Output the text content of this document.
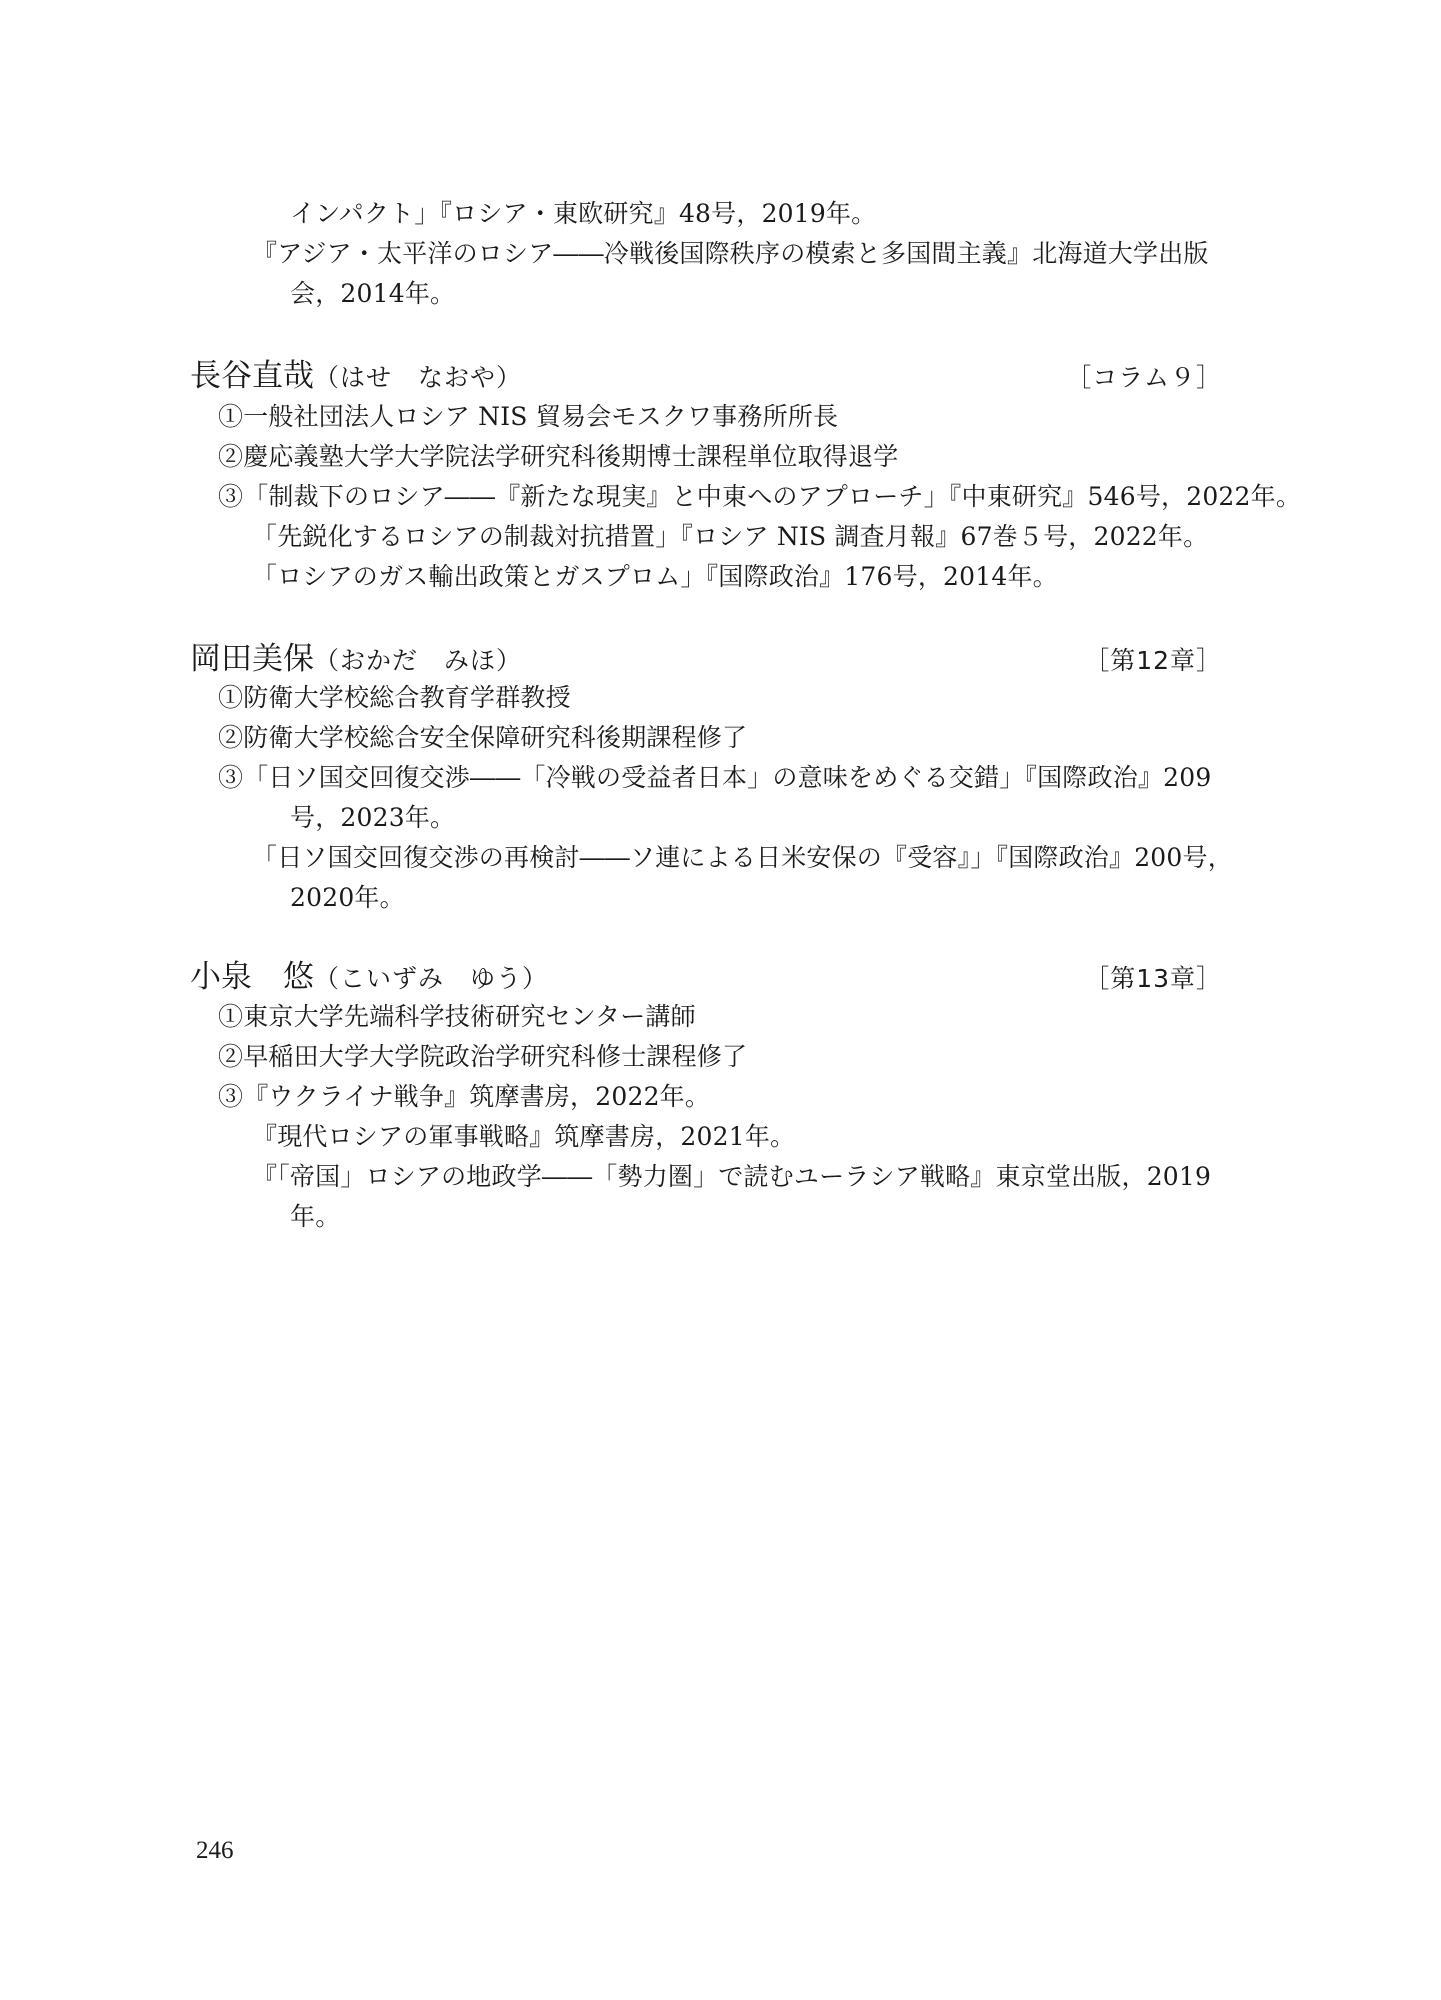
インパクト」『ロシア・東欧研究』48号，2019年。
『アジア・太平洋のロシア――冷戦後国際秩序の模索と多国間主義』北海道大学出版
会，2014年。
長谷直哉（はせ　なおや）	［コラム９］
①一般社団法人ロシア NIS 貿易会モスクワ事務所所長
②慶応義塾大学大学院法学研究科後期博士課程単位取得退学
③「制裁下のロシア――『新たな現実』と中東へのアプローチ」『中東研究』546号，2022年。
「先鋭化するロシアの制裁対抗措置」『ロシア NIS 調査月報』67巻５号，2022年。
「ロシアのガス輸出政策とガスプロム」『国際政治』176号，2014年。
岡田美保（おかだ　みほ）	［第12章］
①防衛大学校総合教育学群教授
②防衛大学校総合安全保障研究科後期課程修了
③「日ソ国交回復交渉――「冷戦の受益者日本」の意味をめぐる交錯」『国際政治』209
号，2023年。
「日ソ国交回復交渉の再検討――ソ連による日米安保の『受容』」『国際政治』200号，
2020年。
小泉　悠（こいずみ　ゆう）	［第13章］
①東京大学先端科学技術研究センター講師
②早稲田大学大学院政治学研究科修士課程修了
③『ウクライナ戦争』筑摩書房，2022年。
『現代ロシアの軍事戦略』筑摩書房，2021年。
『「帝国」ロシアの地政学――「勢力圏」で読むユーラシア戦略』東京堂出版，2019
年。
246
